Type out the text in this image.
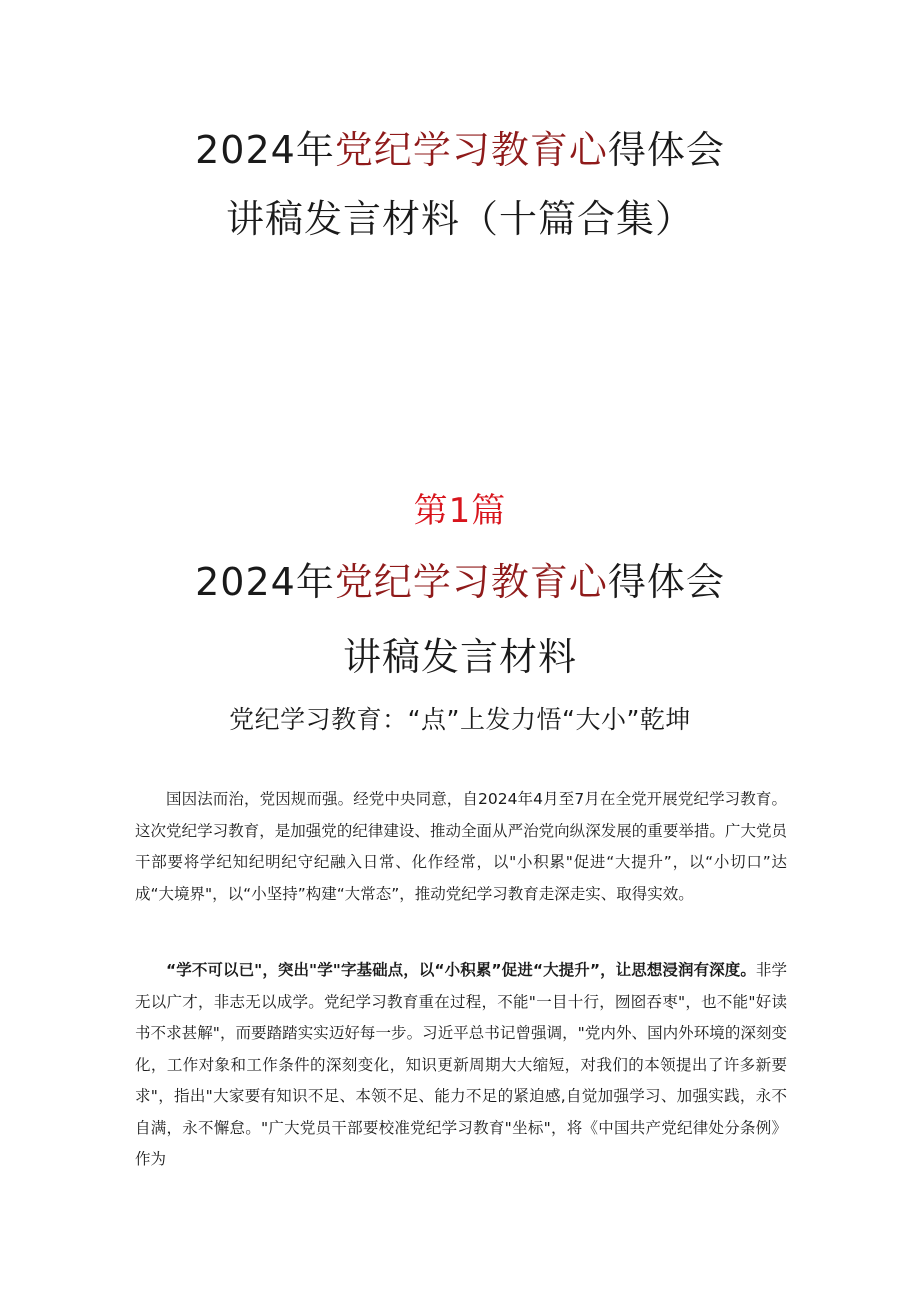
2024年党纪学习教育心得体会
讲稿发言材料（十篇合集）
第1篇
2024年党纪学习教育心得体会
讲稿发言材料
党纪学习教育：“点”上发力悟“大小”乾坤

国因法而治，党因规而强。经党中央同意，自2024年4月至7月在全党开展党纪学习教育。这次党纪学习教育，是加强党的纪律建设、推动全面从严治党向纵深发展的重要举措。广大党员干部要将学纪知纪明纪守纪融入日常、化作经常，以"小积累"促进“大提升”，以“小切口”达成“大境界"，以“小坚持”构建“大常态”，推动党纪学习教育走深走实、取得实效。

“学不可以已"，突出"学"字基础点，以“小积累”促进“大提升”，让思想浸润有深度。非学无以广才，非志无以成学。党纪学习教育重在过程，不能"一目十行，囫囵吞枣"，也不能"好读书不求甚解"，而要踏踏实实迈好每一步。习近平总书记曾强调，"党内外、国内外环境的深刻变化，工作对象和工作条件的深刻变化，知识更新周期大大缩短，对我们的本领提出了许多新要求"，指出"大家要有知识不足、本领不足、能力不足的紧迫感,自觉加强学习、加强实践，永不自满，永不懈怠。"广大党员干部要校准党纪学习教育"坐标"，将《中国共产党纪律处分条例》作为
